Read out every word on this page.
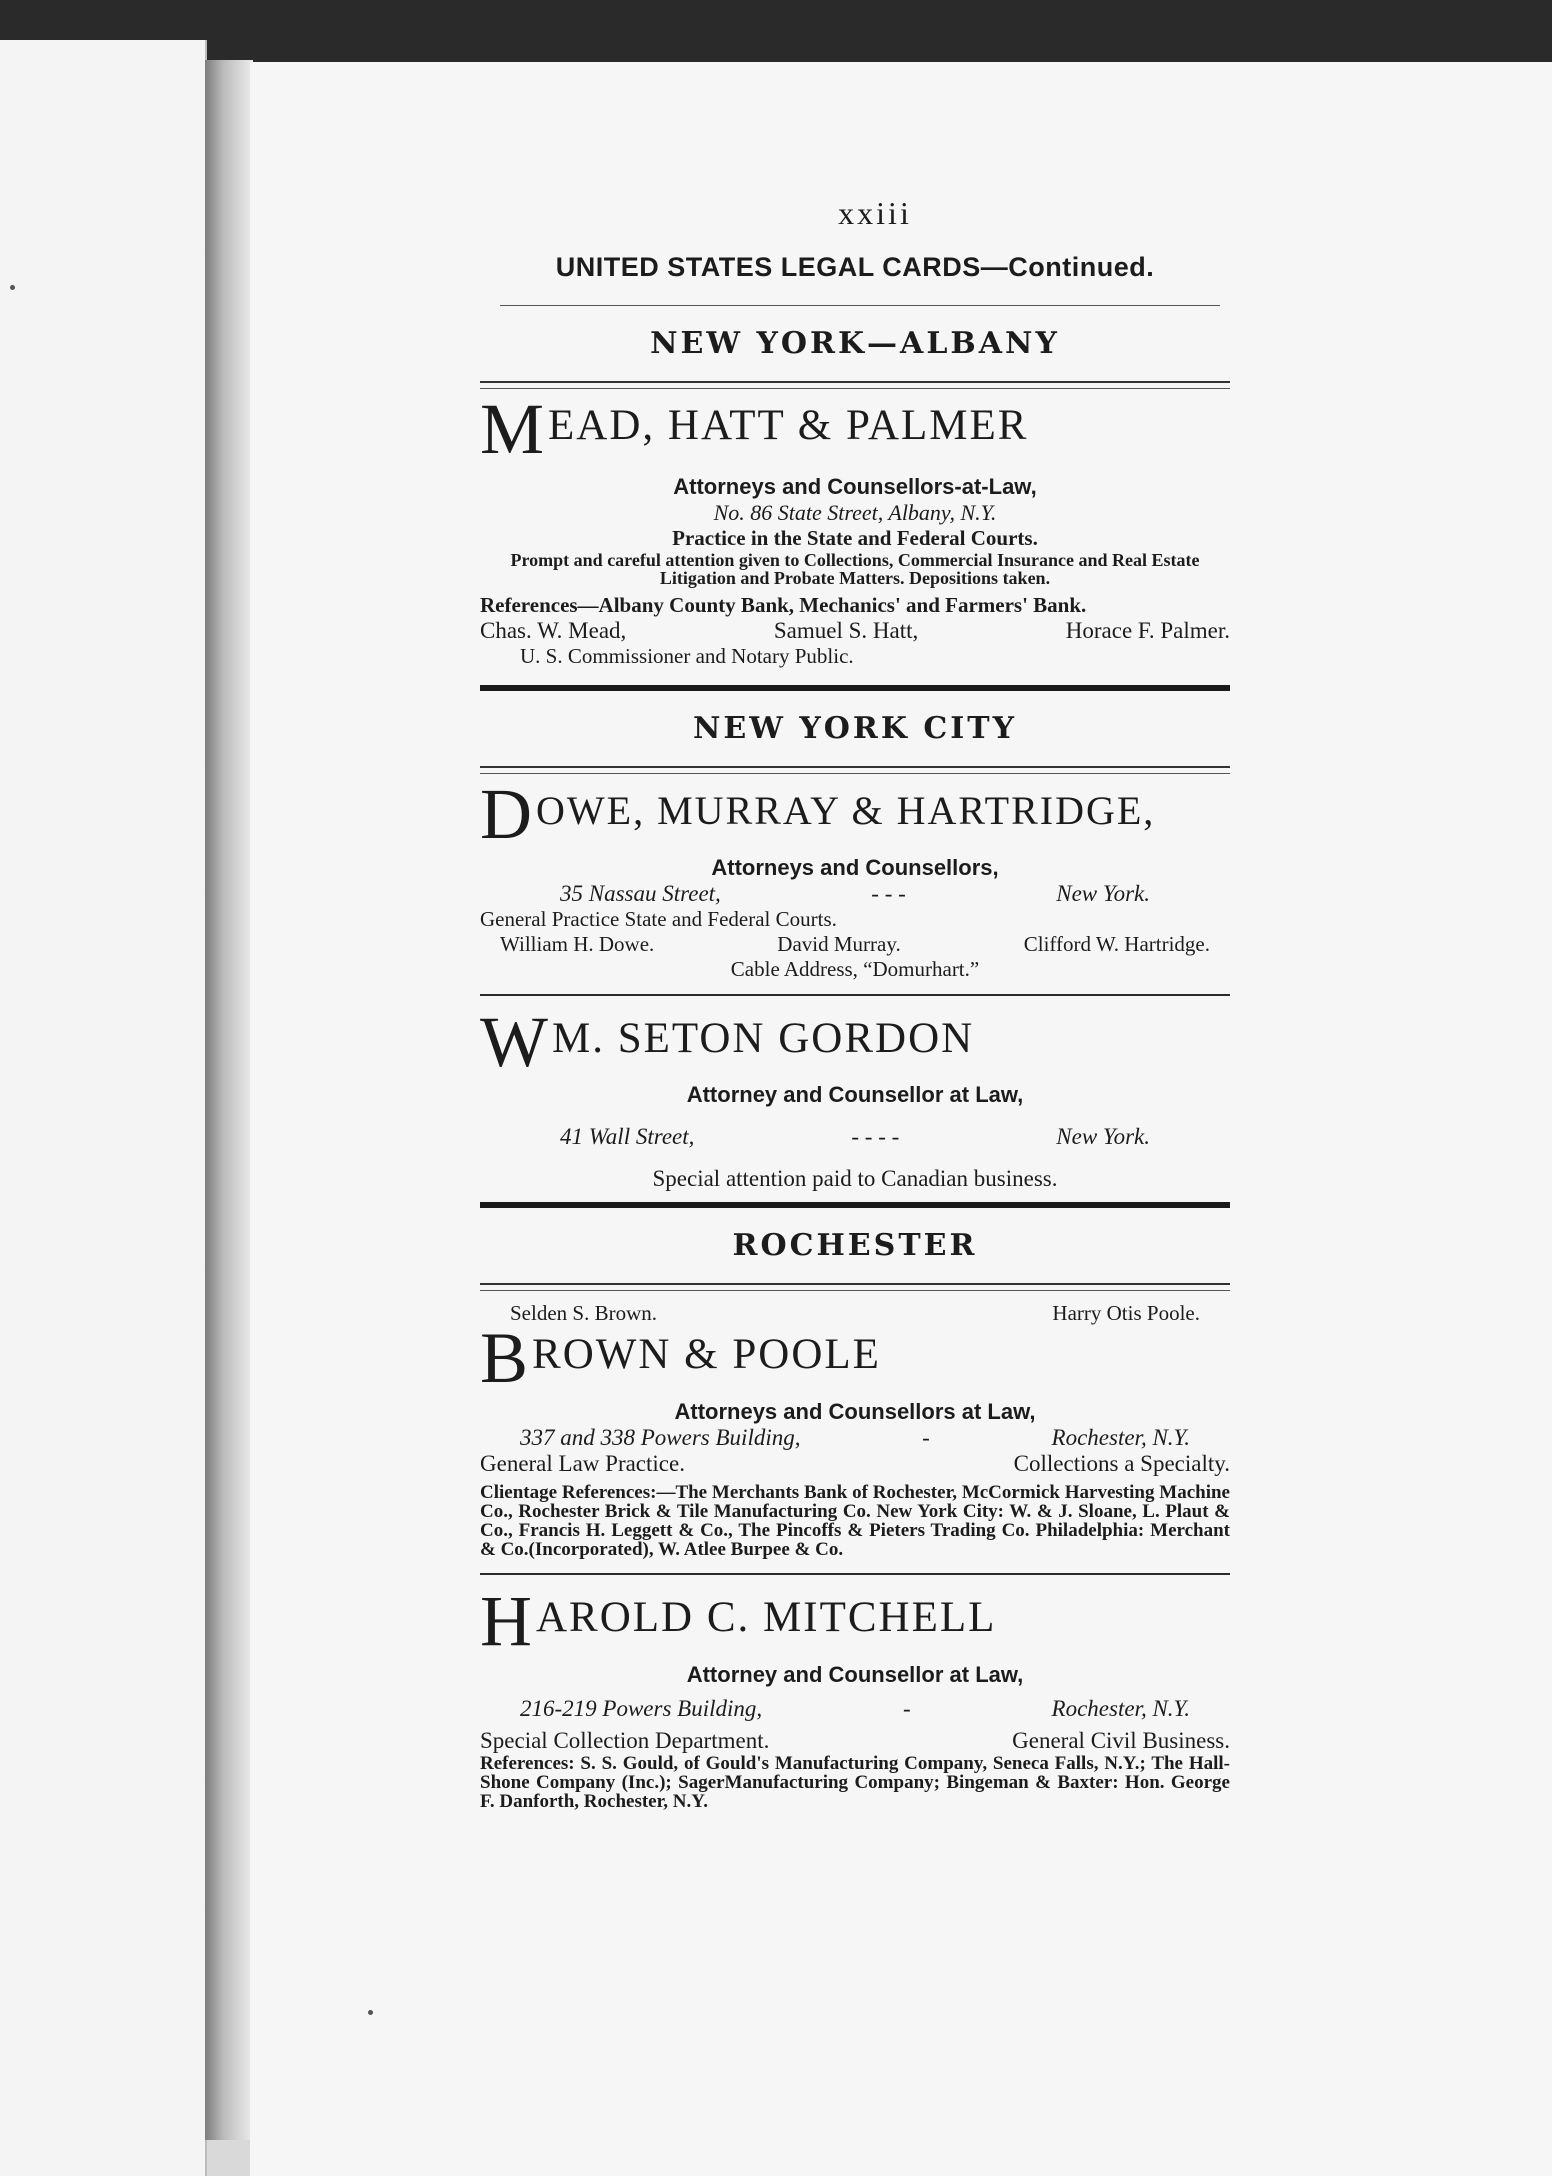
xxiii
UNITED STATES LEGAL CARDS—Continued.
NEW YORK—ALBANY
MEAD, HATT & PALMER
Attorneys and Counsellors-at-Law,
No. 86 State Street, Albany, N.Y.
Practice in the State and Federal Courts.
Prompt and careful attention given to Collections, Commercial Insurance and Real Estate Litigation and Probate Matters. Depositions taken.
References—Albany County Bank, Mechanics' and Farmers' Bank.
Chas. W. Mead,	Samuel S. Hatt,	Horace F. Palmer.
U. S. Commissioner and Notary Public.
NEW YORK CITY
DOWE, MURRAY & HARTRIDGE,
Attorneys and Counsellors,
35 Nassau Street,	- - -	New York.
General Practice State and Federal Courts.
William H. Dowe.	David Murray.	Clifford W. Hartridge.
Cable Address, “Domurhart.”
WM. SETON GORDON
Attorney and Counsellor at Law,
41 Wall Street,	- - - -	New York.
Special attention paid to Canadian business.
ROCHESTER
Selden S. Brown.	Harry Otis Poole.
BROWN & POOLE
Attorneys and Counsellors at Law,
337 and 338 Powers Building,	-	Rochester, N.Y.
General Law Practice.	Collections a Specialty.
Clientage References:—The Merchants Bank of Rochester, McCormick Harvesting Machine Co., Rochester Brick & Tile Manufacturing Co. New York City: W. & J. Sloane, L. Plaut & Co., Francis H. Leggett & Co., The Pincoffs & Pieters Trading Co. Philadelphia: Merchant & Co.(Incorporated), W. Atlee Burpee & Co.
HAROLD C. MITCHELL
Attorney and Counsellor at Law,
216-219 Powers Building,	-	Rochester, N.Y.
Special Collection Department.	General Civil Business.
References: S. S. Gould, of Gould's Manufacturing Company, Seneca Falls, N.Y.; The Hall-Shone Company (Inc.); SagerManufacturing Company; Bingeman & Baxter: Hon. George F. Danforth, Rochester, N.Y.
